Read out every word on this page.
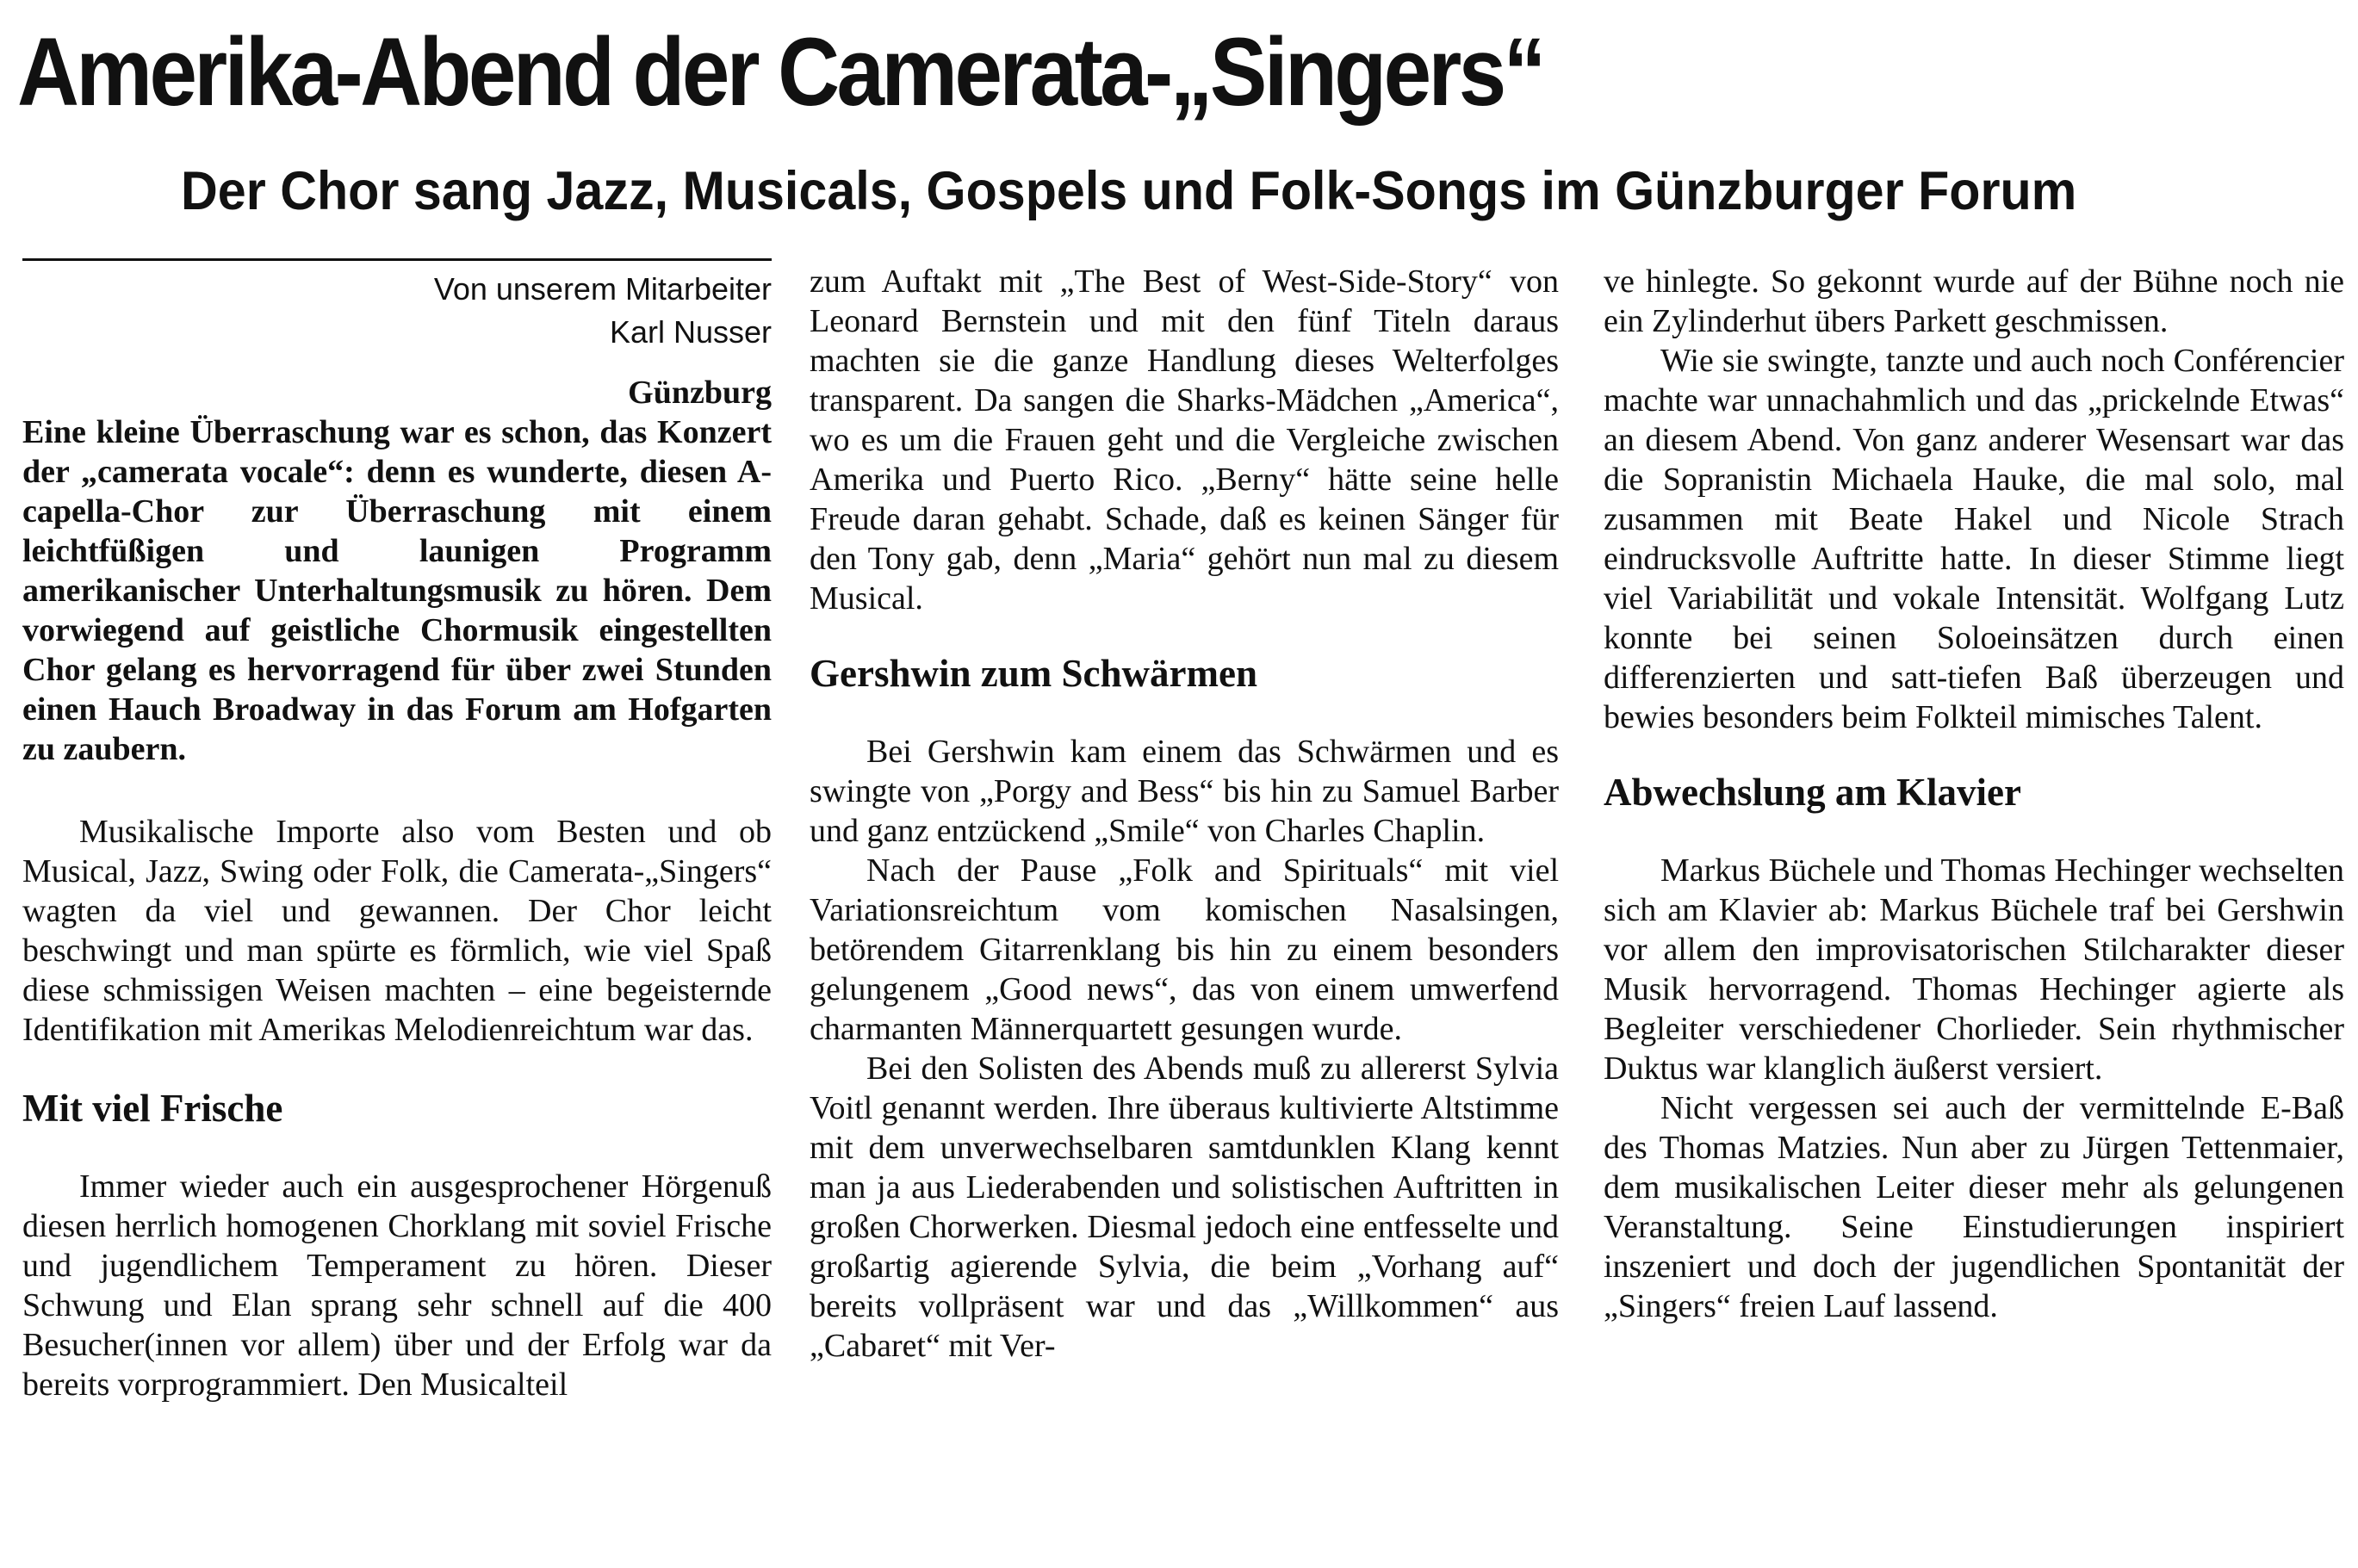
Amerika-Abend der Camerata-„Singers“
Der Chor sang Jazz, Musicals, Gospels und Folk-Songs im Günzburger Forum
Von unserem Mitarbeiter
Karl Nusser
Günzburg

Eine kleine Überraschung war es schon, das Konzert der „camerata vocale“: denn es wunderte, diesen A-capella-Chor zur Überraschung mit einem leichtfüßigen und launigen Programm amerikanischer Unterhaltungsmusik zu hören. Dem vorwiegend auf geistliche Chormusik eingestellten Chor gelang es hervorragend für über zwei Stunden einen Hauch Broadway in das Forum am Hofgarten zu zaubern.

Musikalische Importe also vom Besten und ob Musical, Jazz, Swing oder Folk, die Camerata-„Singers“ wagten da viel und gewannen. Der Chor leicht beschwingt und man spürte es förmlich, wie viel Spaß diese schmissigen Weisen machten – eine begeisternde Identifikation mit Amerikas Melodienreichtum war das.

Mit viel Frische

Immer wieder auch ein ausgesprochener Hörgenuß diesen herrlich homogenen Chorklang mit soviel Frische und jugendlichem Temperament zu hören. Dieser Schwung und Elan sprang sehr schnell auf die 400 Besucher(innen vor allem) über und der Erfolg war da bereits vorprogrammiert. Den Musicalteil

zum Auftakt mit „The Best of West-Side-Story“ von Leonard Bernstein und mit den fünf Titeln daraus machten sie die ganze Handlung dieses Welterfolges transparent. Da sangen die Sharks-Mädchen „America“, wo es um die Frauen geht und die Vergleiche zwischen Amerika und Puerto Rico. „Berny“ hätte seine helle Freude daran gehabt. Schade, daß es keinen Sänger für den Tony gab, denn „Maria“ gehört nun mal zu diesem Musical.

Gershwin zum Schwärmen

Bei Gershwin kam einem das Schwärmen und es swingte von „Porgy and Bess“ bis hin zu Samuel Barber und ganz entzückend „Smile“ von Charles Chaplin.

Nach der Pause „Folk and Spirituals“ mit viel Variationsreichtum vom komischen Nasalsingen, betörendem Gitarrenklang bis hin zu einem besonders gelungenem „Good news“, das von einem umwerfend charmanten Männerquartett gesungen wurde.

Bei den Solisten des Abends muß zu allererst Sylvia Voitl genannt werden. Ihre überaus kultivierte Altstimme mit dem unverwechselbaren samtdunklen Klang kennt man ja aus Liederabenden und solistischen Auftritten in großen Chorwerken. Diesmal jedoch eine entfesselte und großartig agierende Sylvia, die beim „Vorhang auf“ bereits vollpräsent war und das „Willkommen“ aus „Cabaret“ mit Ver-

ve hinlegte. So gekonnt wurde auf der Bühne noch nie ein Zylinderhut übers Parkett geschmissen.

Wie sie swingte, tanzte und auch noch Conférencier machte war unnachahmlich und das „prickelnde Etwas“ an diesem Abend. Von ganz anderer Wesensart war das die Sopranistin Michaela Hauke, die mal solo, mal zusammen mit Beate Hakel und Nicole Strach eindrucksvolle Auftritte hatte. In dieser Stimme liegt viel Variabilität und vokale Intensität. Wolfgang Lutz konnte bei seinen Soloeinsätzen durch einen differenzierten und satt-tiefen Baß überzeugen und bewies besonders beim Folkteil mimisches Talent.

Abwechslung am Klavier

Markus Büchele und Thomas Hechinger wechselten sich am Klavier ab: Markus Büchele traf bei Gershwin vor allem den improvisatorischen Stilcharakter dieser Musik hervorragend. Thomas Hechinger agierte als Begleiter verschiedener Chorlieder. Sein rhythmischer Duktus war klanglich äußerst versiert.

Nicht vergessen sei auch der vermittelnde E-Baß des Thomas Matzies. Nun aber zu Jürgen Tettenmaier, dem musikalischen Leiter dieser mehr als gelungenen Veranstaltung. Seine Einstudierungen inspiriert inszeniert und doch der jugendlichen Spontanität der „Singers“ freien Lauf lassend.
